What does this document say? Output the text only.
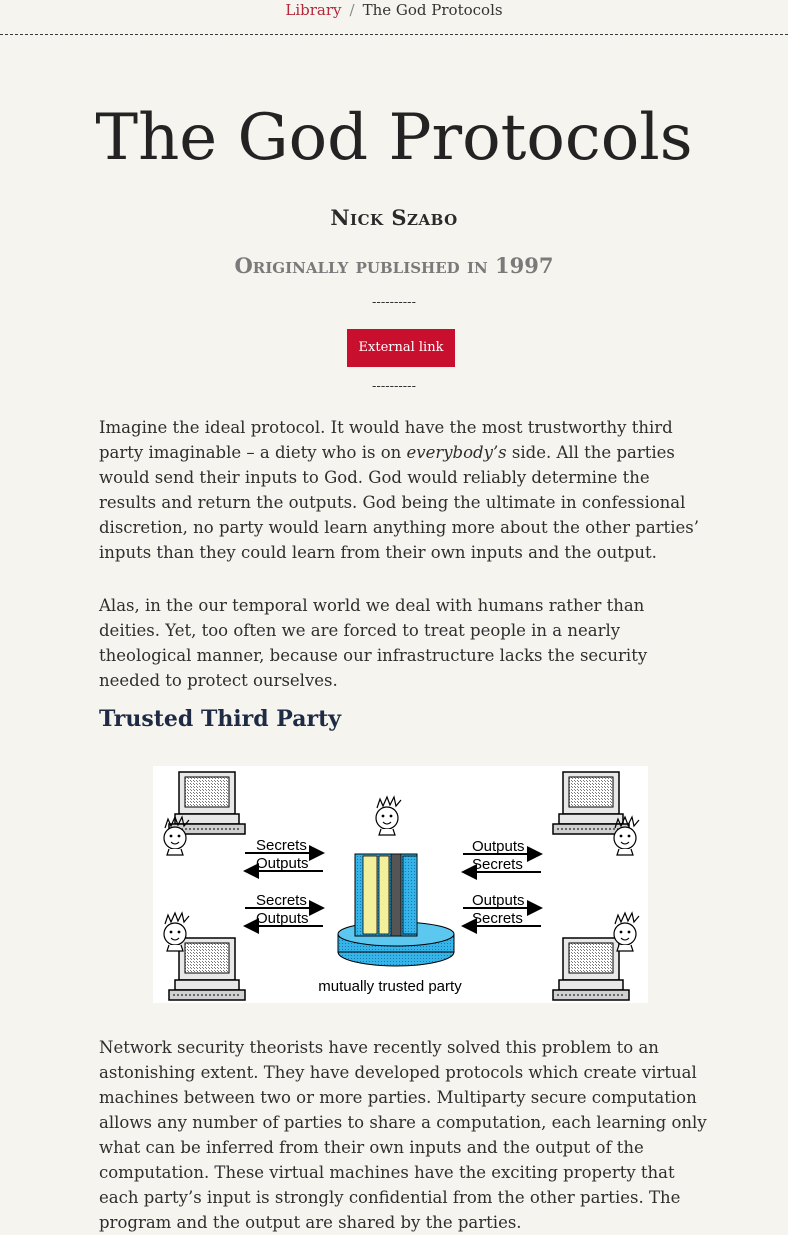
Library / The God Protocols
The God Protocols
Nick Szabo
Originally published in 1997
----------
External link
----------

Imagine the ideal protocol. It would have the most trustworthy third party imaginable – a diety who is on everybody’s side. All the parties would send their inputs to God. God would reliably determine the results and return the outputs. God being the ultimate in confessional discretion, no party would learn anything more about the other parties’ inputs than they could learn from their own inputs and the output.

Alas, in the our temporal world we deal with humans rather than deities. Yet, too often we are forced to treat people in a nearly theological manner, because our infrastructure lacks the security needed to protect ourselves.

Trusted Third Party
Secrets
Outputs
Secrets
Outputs
Outputs
Secrets
Outputs
Secrets
mutually trusted party

Network security theorists have recently solved this problem to an astonishing extent. They have developed protocols which create virtual machines between two or more parties. Multiparty secure computation allows any number of parties to share a computation, each learning only what can be inferred from their own inputs and the output of the computation. These virtual machines have the exciting property that each party’s input is strongly confidential from the other parties. The program and the output are shared by the parties.
